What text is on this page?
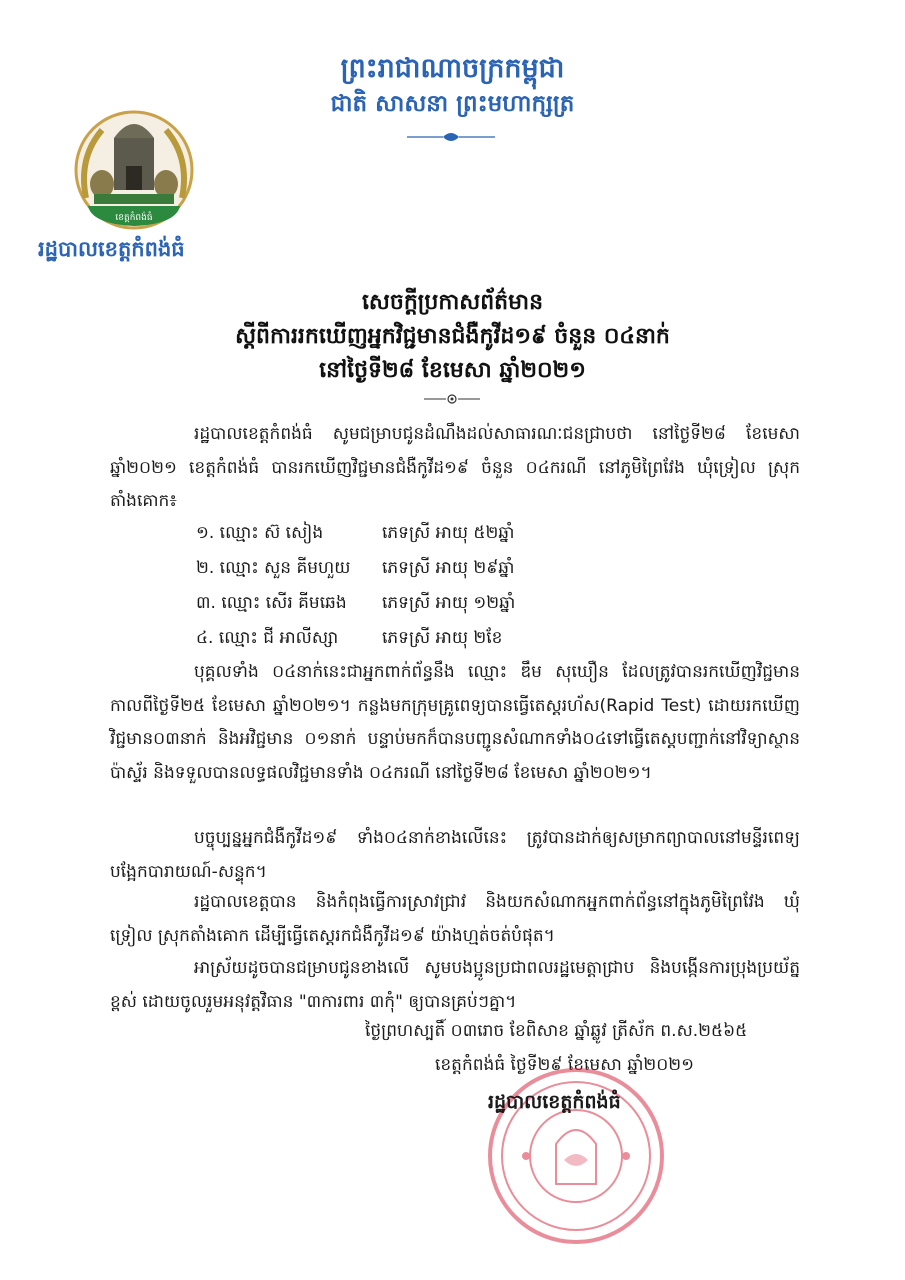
ព្រះរាជាណាចក្រកម្ពុជា
ជាតិ សាសនា ព្រះមហាក្សត្រ
ខេត្តកំពង់ធំ
រដ្ឋបាលខេត្តកំពង់ធំ
សេចក្តីប្រកាសព័ត៌មាន
ស្តីពីការរកឃើញអ្នកវិជ្ជមានជំងឺកូវីដ១៩ ចំនួន ០៤នាក់
នៅថ្ងៃទី២៨ ខែមេសា ឆ្នាំ២០២១

រដ្ឋបាលខេត្តកំពង់ធំ សូមជម្រាបជូនដំណឹងដល់សាធារណៈជនជ្រាបថា នៅថ្ងៃទី២៨ ខែមេសា ឆ្នាំ២០២១ ខេត្តកំពង់ធំ បានរកឃើញវិជ្ជមានជំងឺកូវីដ១៩ ចំនួន ០៤ករណី នៅភូមិព្រៃវែង ឃុំទ្រៀល ស្រុកតាំងគោក៖

១. ឈ្មោះ ស៊ សៀង	ភេទស្រី អាយុ ៥២ឆ្នាំ
២. ឈ្មោះ សួន គីមហួយ	ភេទស្រី អាយុ ២៩ឆ្នាំ
៣. ឈ្មោះ សើរ គីមឆេង	ភេទស្រី អាយុ ១២ឆ្នាំ
៤. ឈ្មោះ ជី អាលីស្សា	ភេទស្រី អាយុ ២ខែ

បុគ្គលទាំង ០៤នាក់នេះជាអ្នកពាក់ព័ន្ធនឹង ឈ្មោះ ឌឹម សុឃឿន ដែលត្រូវបានរកឃើញវិជ្ជមានកាលពីថ្ងៃទី២៥ ខែមេសា ឆ្នាំ២០២១។ កន្លងមកក្រុមគ្រូពេទ្យបានធ្វើតេស្តរហ័ស(Rapid Test) ដោយរកឃើញវិជ្ជមាន០៣នាក់ និងអវិជ្ជមាន ០១នាក់ បន្ទាប់មកក៏បានបញ្ជូនសំណាកទាំង០៤ទៅធ្វើតេស្តបញ្ជាក់នៅវិទ្យាស្ថានប៉ាស្ទ័រ និងទទួលបានលទ្ធផលវិជ្ជមានទាំង ០៤ករណី នៅថ្ងៃទី២៨ ខែមេសា ឆ្នាំ២០២១។

បច្ចុប្បន្នអ្នកជំងឺកូវីដ១៩ ទាំង០៤នាក់ខាងលើនេះ ត្រូវបានដាក់ឲ្យសម្រាកព្យាបាលនៅមន្ទីរពេទ្យបង្អែកបារាយណ៍-សន្ទុក។

រដ្ឋបាលខេត្តបាន និងកំពុងធ្វើការស្រាវជ្រាវ និងយកសំណាកអ្នកពាក់ព័ន្ធនៅក្នុងភូមិព្រៃវែង ឃុំទ្រៀល ស្រុកតាំងគោក ដើម្បីធ្វើតេស្តរកជំងឺកូវីដ១៩ យ៉ាងហ្មត់ចត់បំផុត។

អាស្រ័យដូចបានជម្រាបជូនខាងលើ សូមបងប្អូនប្រជាពលរដ្ឋមេត្តាជ្រាប និងបង្កើនការប្រុងប្រយ័ត្នខ្ពស់ ដោយចូលរួមអនុវត្តវិធាន "៣ការពារ ៣កុំ" ឲ្យបានគ្រប់ៗគ្នា។

ថ្ងៃព្រហស្បតិ៍ ០៣រោច ខែពិសាខ ឆ្នាំឆ្លូវ ត្រីស័ក ព.ស.២៥៦៥
ខេត្តកំពង់ធំ ថ្ងៃទី២៩ ខែមេសា ឆ្នាំ២០២១
រដ្ឋបាលខេត្តកំពង់ធំ
